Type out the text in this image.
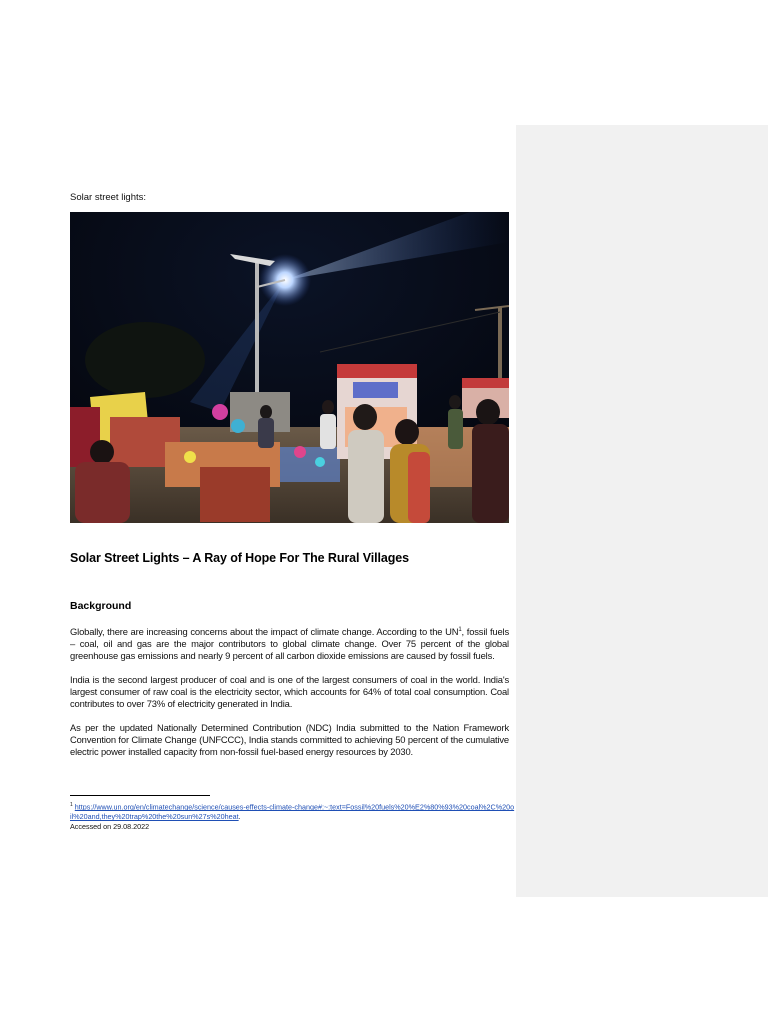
Solar street lights:
Solar Street Lights – A Ray of Hope For The Rural Villages
Background

Globally, there are increasing concerns about the impact of climate change. According to the $UN^1$, fossil fuels – coal, oil and gas are the major contributors to global climate change. Over 75 percent of the global greenhouse gas emissions and nearly 9 percent of all carbon dioxide emissions are caused by fossil fuels.

India is the second largest producer of coal and is one of the largest consumers of coal in the world. India's largest consumer of raw coal is the electricity sector, which accounts for 64% of total coal consumption. Coal contributes to over 73% of electricity generated in India.

As per the updated Nationally Determined Contribution (NDC) India submitted to the Nation Framework Convention for Climate Change (UNFCCC), India stands committed to achieving 50 percent of the cumulative electric power installed capacity from non-fossil fuel-based energy resources by 2030.

$^1$ https://www.un.org/en/climatechange/science/causes-effects-climate-change#:~:text=Fossil%20fuels%20%E2%80%93%20coal%2C%20oil%20and,they%20trap%20the%20sun%27s%20heat.
Accessed on 29.08.2022
